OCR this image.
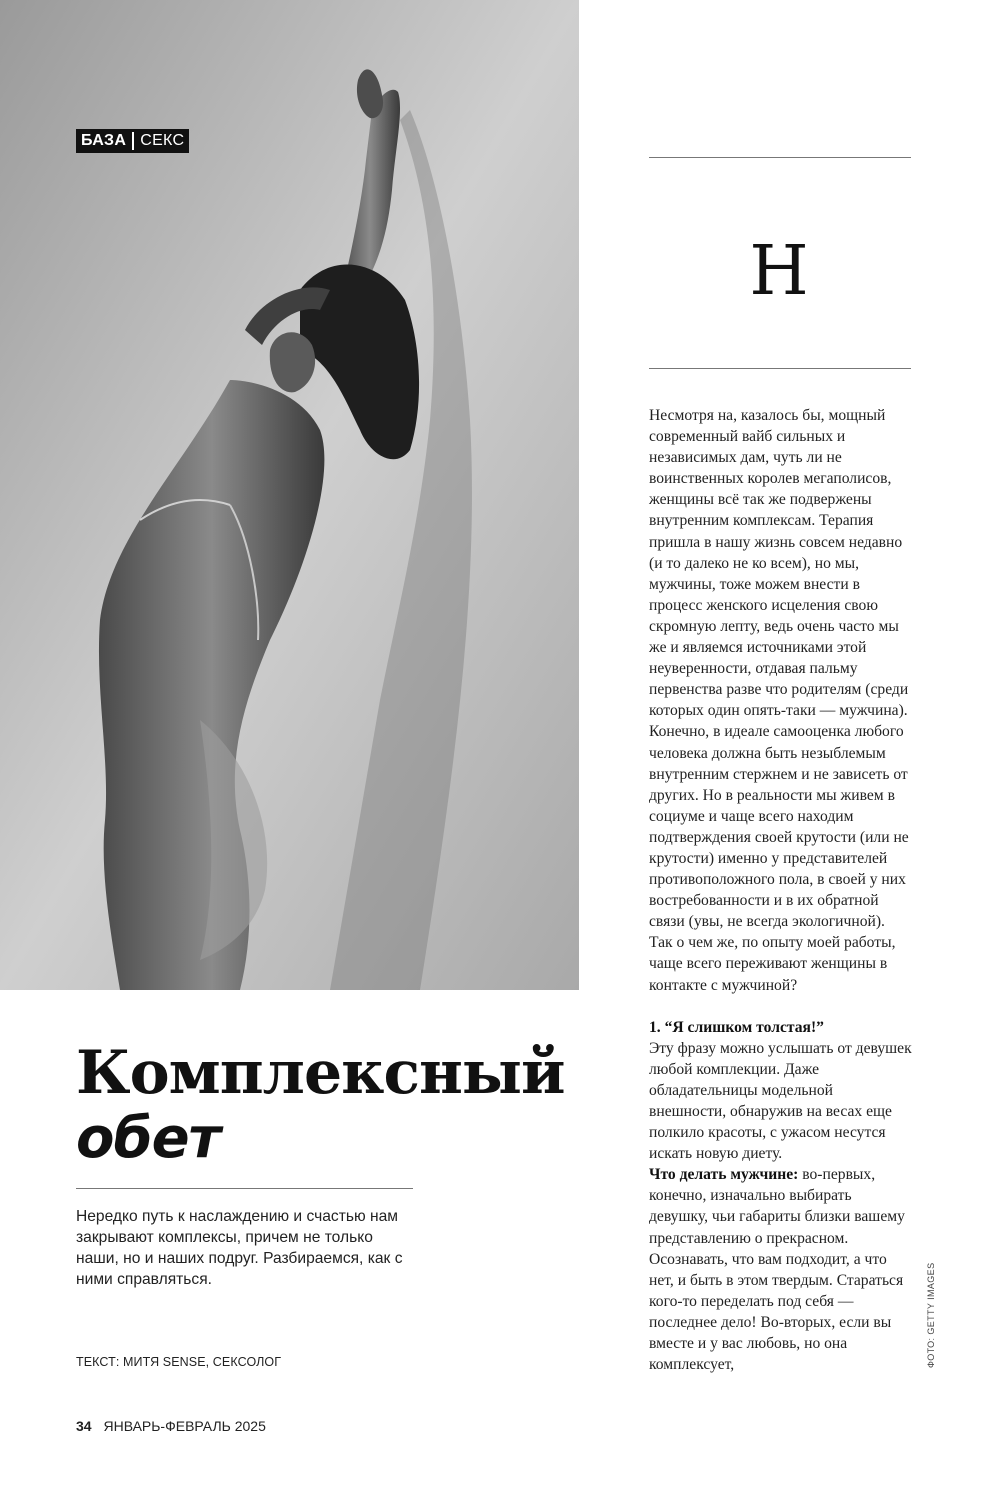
БАЗА СЕКС
Н

Несмотря на, казалось бы, мощный современный вайб сильных и независимых дам, чуть ли не воинственных королев мегаполисов, женщины всё так же подвержены внутренним комплексам. Терапия пришла в нашу жизнь совсем недавно (и то далеко не ко всем), но мы, мужчины, тоже можем внести в процесс женского исцеления свою скромную лепту, ведь очень часто мы же и являемся источниками этой неуверенности, отдавая пальму первенства разве что родителям (среди которых один опять-таки — мужчина).

Конечно, в идеале самооценка любого человека должна быть незыблемым внутренним стержнем и не зависеть от других. Но в реальности мы живем в социуме и чаще всего находим подтверждения своей крутости (или не крутости) именно у представителей противоположного пола, в своей у них востребованности и в их обратной связи (увы, не всегда экологичной).

Так о чем же, по опыту моей работы, чаще всего переживают женщины в контакте с мужчиной?

1. “Я слишком толстая!”

Эту фразу можно услышать от девушек любой комплекции. Даже обладательницы модельной внешности, обнаружив на весах еще полкило красоты, с ужасом несутся искать новую диету.

Что делать мужчине: во-первых, конечно, изначально выбирать девушку, чьи габариты близки вашему представлению о прекрасном. Осознавать, что вам подходит, а что нет, и быть в этом твердым. Стараться кого-то переделать под себя — последнее дело! Во-вторых, если вы вместе и у вас любовь, но она комплексует,

Комплексный
обет

Нередко путь к наслаждению и счастью нам закрывают комплексы, причем не только наши, но и наших подруг. Разбираемся, как с ними справляться.

ТЕКСТ: МИТЯ SENSE, СЕКСОЛОГ
34 ЯНВАРЬ-ФЕВРАЛЬ 2025
ФОТО: GETTY IMAGES
